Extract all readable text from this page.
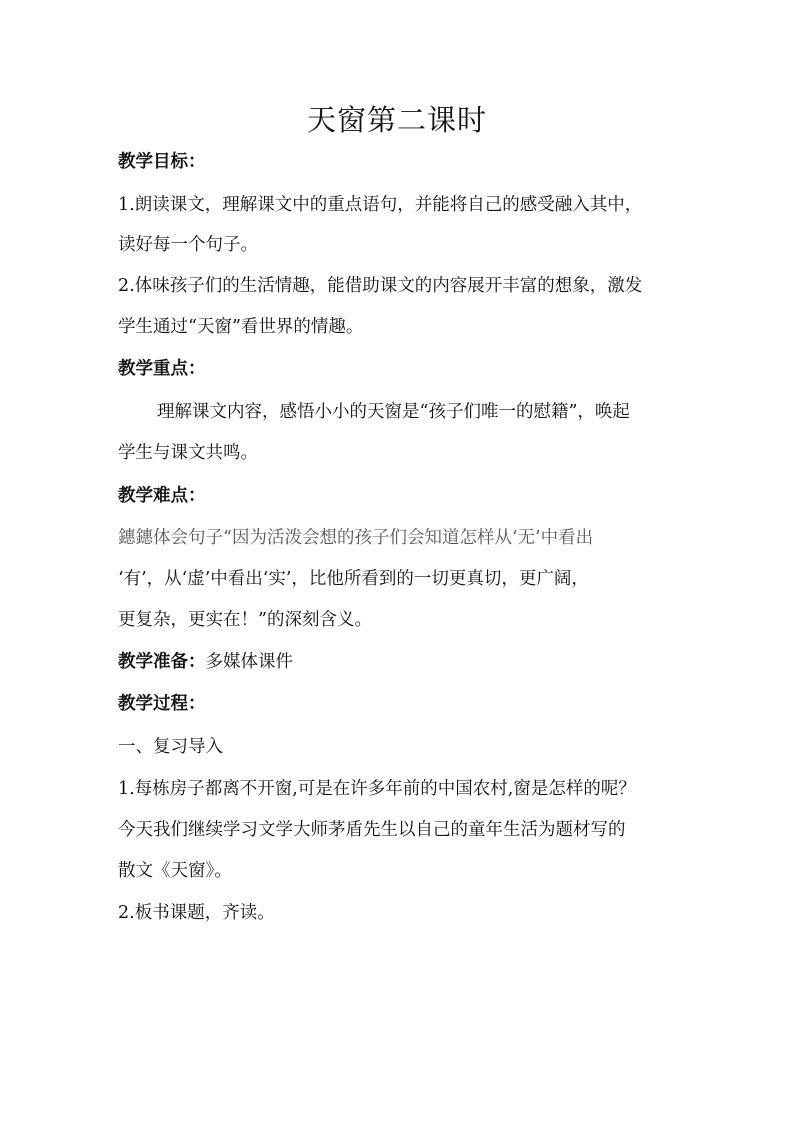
天窗第二课时
教学目标：
1.朗读课文，理解课文中的重点语句，并能将自己的感受融入其中，
读好每一个句子。
2.体味孩子们的生活情趣，能借助课文的内容展开丰富的想象，激发
学生通过“天窗”看世界的情趣。
教学重点：
理解课文内容，感悟小小的天窗是“孩子们唯一的慰籍”，唤起
学生与课文共鸣。
教学难点：
鏸鏸体会句子“因为活泼会想的孩子们会知道怎样从‘无’中看出
‘有’，从‘虚’中看出‘实’，比他所看到的一切更真切，更广阔，
更复杂，更实在！”的深刻含义。
教学准备：多媒体课件
教学过程：
一、复习导入
1.每栋房子都离不开窗,可是在许多年前的中国农村,窗是怎样的呢？
今天我们继续学习文学大师茅盾先生以自己的童年生活为题材写的
散文《天窗》。
2.板书课题，齐读。
